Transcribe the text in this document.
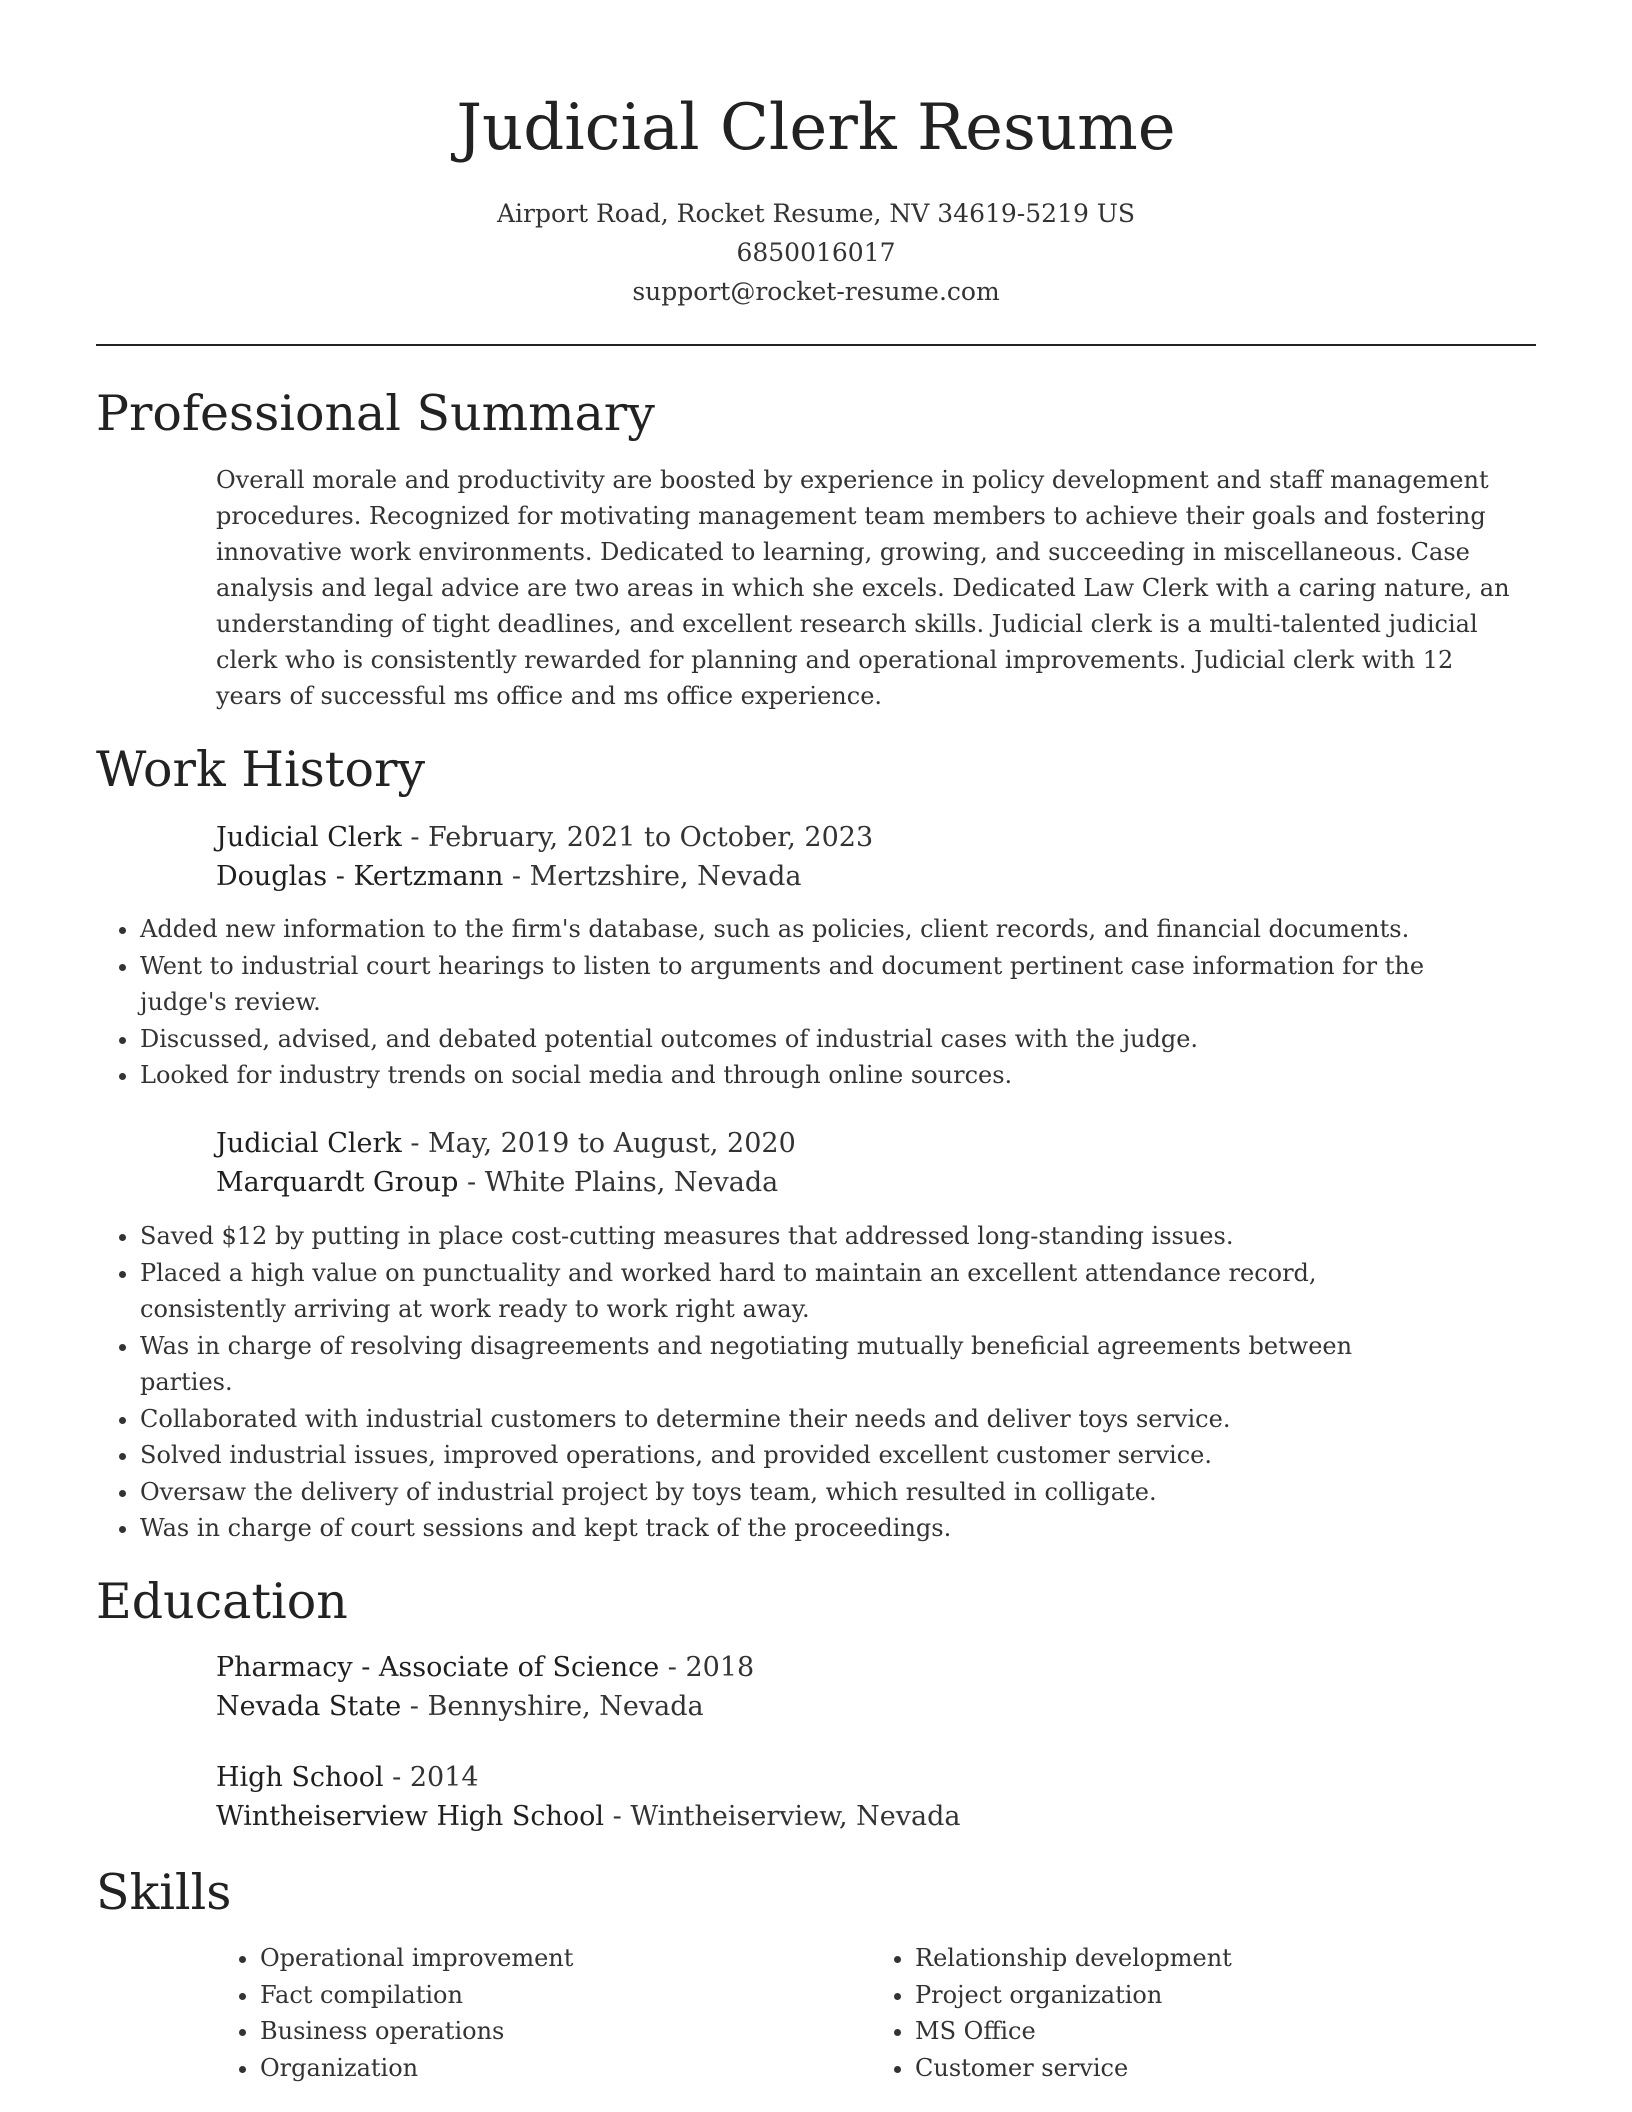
Judicial Clerk Resume
Airport Road, Rocket Resume, NV 34619-5219 US
6850016017
support@rocket-resume.com
Professional Summary
Overall morale and productivity are boosted by experience in policy development and staff management procedures. Recognized for motivating management team members to achieve their goals and fostering innovative work environments. Dedicated to learning, growing, and succeeding in miscellaneous. Case analysis and legal advice are two areas in which she excels. Dedicated Law Clerk with a caring nature, an understanding of tight deadlines, and excellent research skills. Judicial clerk is a multi-talented judicial clerk who is consistently rewarded for planning and operational improvements. Judicial clerk with 12 years of successful ms office and ms office experience.
Work History
Judicial Clerk - February, 2021 to October, 2023
Douglas - Kertzmann - Mertzshire, Nevada
• Added new information to the firm's database, such as policies, client records, and financial documents.
• Went to industrial court hearings to listen to arguments and document pertinent case information for the judge's review.
• Discussed, advised, and debated potential outcomes of industrial cases with the judge.
• Looked for industry trends on social media and through online sources.
Judicial Clerk - May, 2019 to August, 2020
Marquardt Group - White Plains, Nevada
• Saved $12 by putting in place cost-cutting measures that addressed long-standing issues.
• Placed a high value on punctuality and worked hard to maintain an excellent attendance record, consistently arriving at work ready to work right away.
• Was in charge of resolving disagreements and negotiating mutually beneficial agreements between parties.
• Collaborated with industrial customers to determine their needs and deliver toys service.
• Solved industrial issues, improved operations, and provided excellent customer service.
• Oversaw the delivery of industrial project by toys team, which resulted in colligate.
• Was in charge of court sessions and kept track of the proceedings.
Education
Pharmacy - Associate of Science - 2018
Nevada State - Bennyshire, Nevada
High School - 2014
Wintheiserview High School - Wintheiserview, Nevada
Skills
• Operational improvement
• Fact compilation
• Business operations
• Organization
• Relationship development
• Project organization
• MS Office
• Customer service
